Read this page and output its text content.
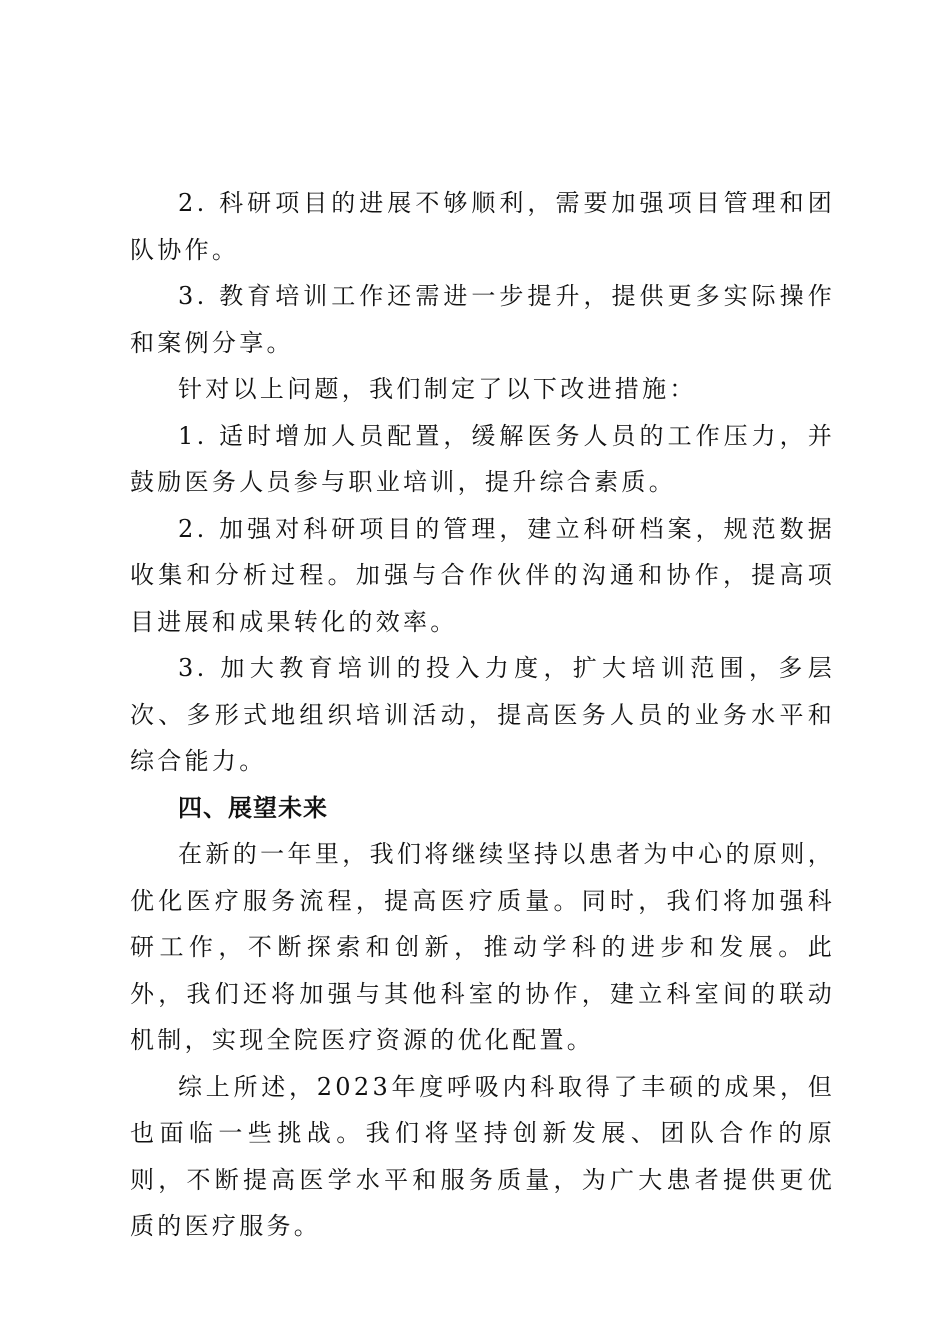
2. 科研项目的进展不够顺利，需要加强项目管理和团队协作。

3. 教育培训工作还需进一步提升，提供更多实际操作和案例分享。

针对以上问题，我们制定了以下改进措施：

1. 适时增加人员配置，缓解医务人员的工作压力，并鼓励医务人员参与职业培训，提升综合素质。

2. 加强对科研项目的管理，建立科研档案，规范数据收集和分析过程。加强与合作伙伴的沟通和协作，提高项目进展和成果转化的效率。

3. 加大教育培训的投入力度，扩大培训范围，多层次、多形式地组织培训活动，提高医务人员的业务水平和综合能力。

四、展望未来

在新的一年里，我们将继续坚持以患者为中心的原则，优化医疗服务流程，提高医疗质量。同时，我们将加强科研工作，不断探索和创新，推动学科的进步和发展。此外，我们还将加强与其他科室的协作，建立科室间的联动机制，实现全院医疗资源的优化配置。

综上所述，2023年度呼吸内科取得了丰硕的成果，但也面临一些挑战。我们将坚持创新发展、团队合作的原则，不断提高医学水平和服务质量，为广大患者提供更优质的医疗服务。
